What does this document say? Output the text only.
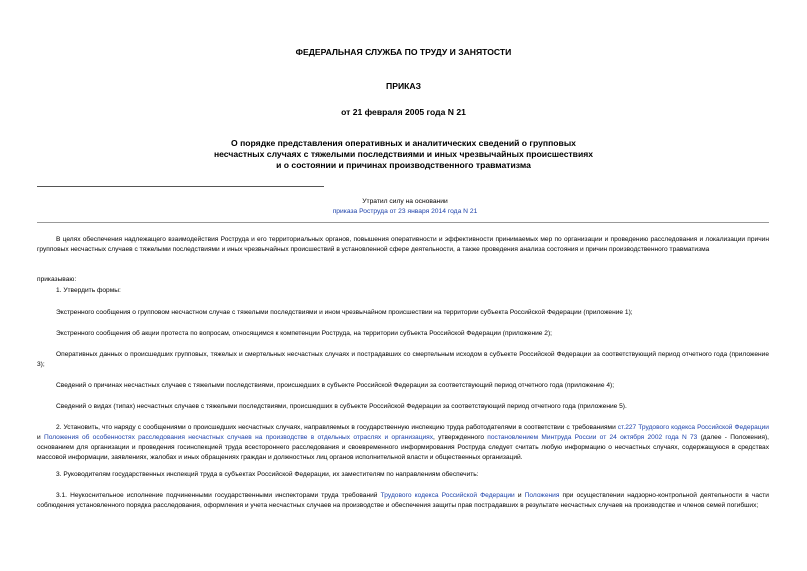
ФЕДЕРАЛЬНАЯ СЛУЖБА ПО ТРУДУ И ЗАНЯТОСТИ
ПРИКАЗ
от 21 февраля 2005 года N 21
О порядке представления оперативных и аналитических сведений о групповых
несчастных случаях с тяжелыми последствиями и иных чрезвычайных происшествиях
и о состоянии и причинах производственного травматизма
Утратил силу на основании
приказа Роструда от 23 января 2014 года N 21
В целях обеспечения надлежащего взаимодействия Роструда и его территориальных органов, повышения оперативности и эффективности принимаемых мер по организации и проведению расследования и локализации причин групповых несчастных случаев с тяжелыми последствиями и иных чрезвычайных происшествий в установленной сфере деятельности, а также проведения анализа состояния и причин производственного травматизма
приказываю:
1. Утвердить формы:
Экстренного сообщения о групповом несчастном случае с тяжелыми последствиями и ином чрезвычайном происшествии на территории субъекта Российской Федерации (приложение 1);
Экстренного сообщения об акции протеста по вопросам, относящимся к компетенции Роструда, на территории субъекта Российской Федерации (приложение 2);
Оперативных данных о происшедших групповых, тяжелых и смертельных несчастных случаях и пострадавших со смертельным исходом в субъекте Российской Федерации за соответствующий период отчетного года (приложение 3);
Сведений о причинах несчастных случаев с тяжелыми последствиями, происшедших в субъекте Российской Федерации за соответствующий период отчетного года (приложение 4);
Сведений о видах (типах) несчастных случаев с тяжелыми последствиями, происшедших в субъекте Российской Федерации за соответствующий период отчетного года (приложение 5).
2. Установить, что наряду с сообщениями о происшедших несчастных случаях, направляемых в государственную инспекцию труда работодателями в соответствии с требованиями ст.227 Трудового кодекса Российской Федерации и Положения об особенностях расследования несчастных случаев на производстве в отдельных отраслях и организациях, утвержденного постановлением Минтруда России от 24 октября 2002 года N 73 (далее - Положения), основанием для организации и проведения госинспекцией труда всестороннего расследования и своевременного информирования Роструда следует считать любую информацию о несчастных случаях, содержащуюся в средствах массовой информации, заявлениях, жалобах и иных обращениях граждан и должностных лиц органов исполнительной власти и общественных организаций.
3. Руководителям государственных инспекций труда в субъектах Российской Федерации, их заместителям по направлениям обеспечить:
3.1. Неукоснительное исполнение подчиненными государственными инспекторами труда требований Трудового кодекса Российской Федерации и Положения при осуществлении надзорно-контрольной деятельности в части соблюдения установленного порядка расследования, оформления и учета несчастных случаев на производстве и обеспечения защиты прав пострадавших в результате несчастных случаев на производстве и членов семей погибших;
